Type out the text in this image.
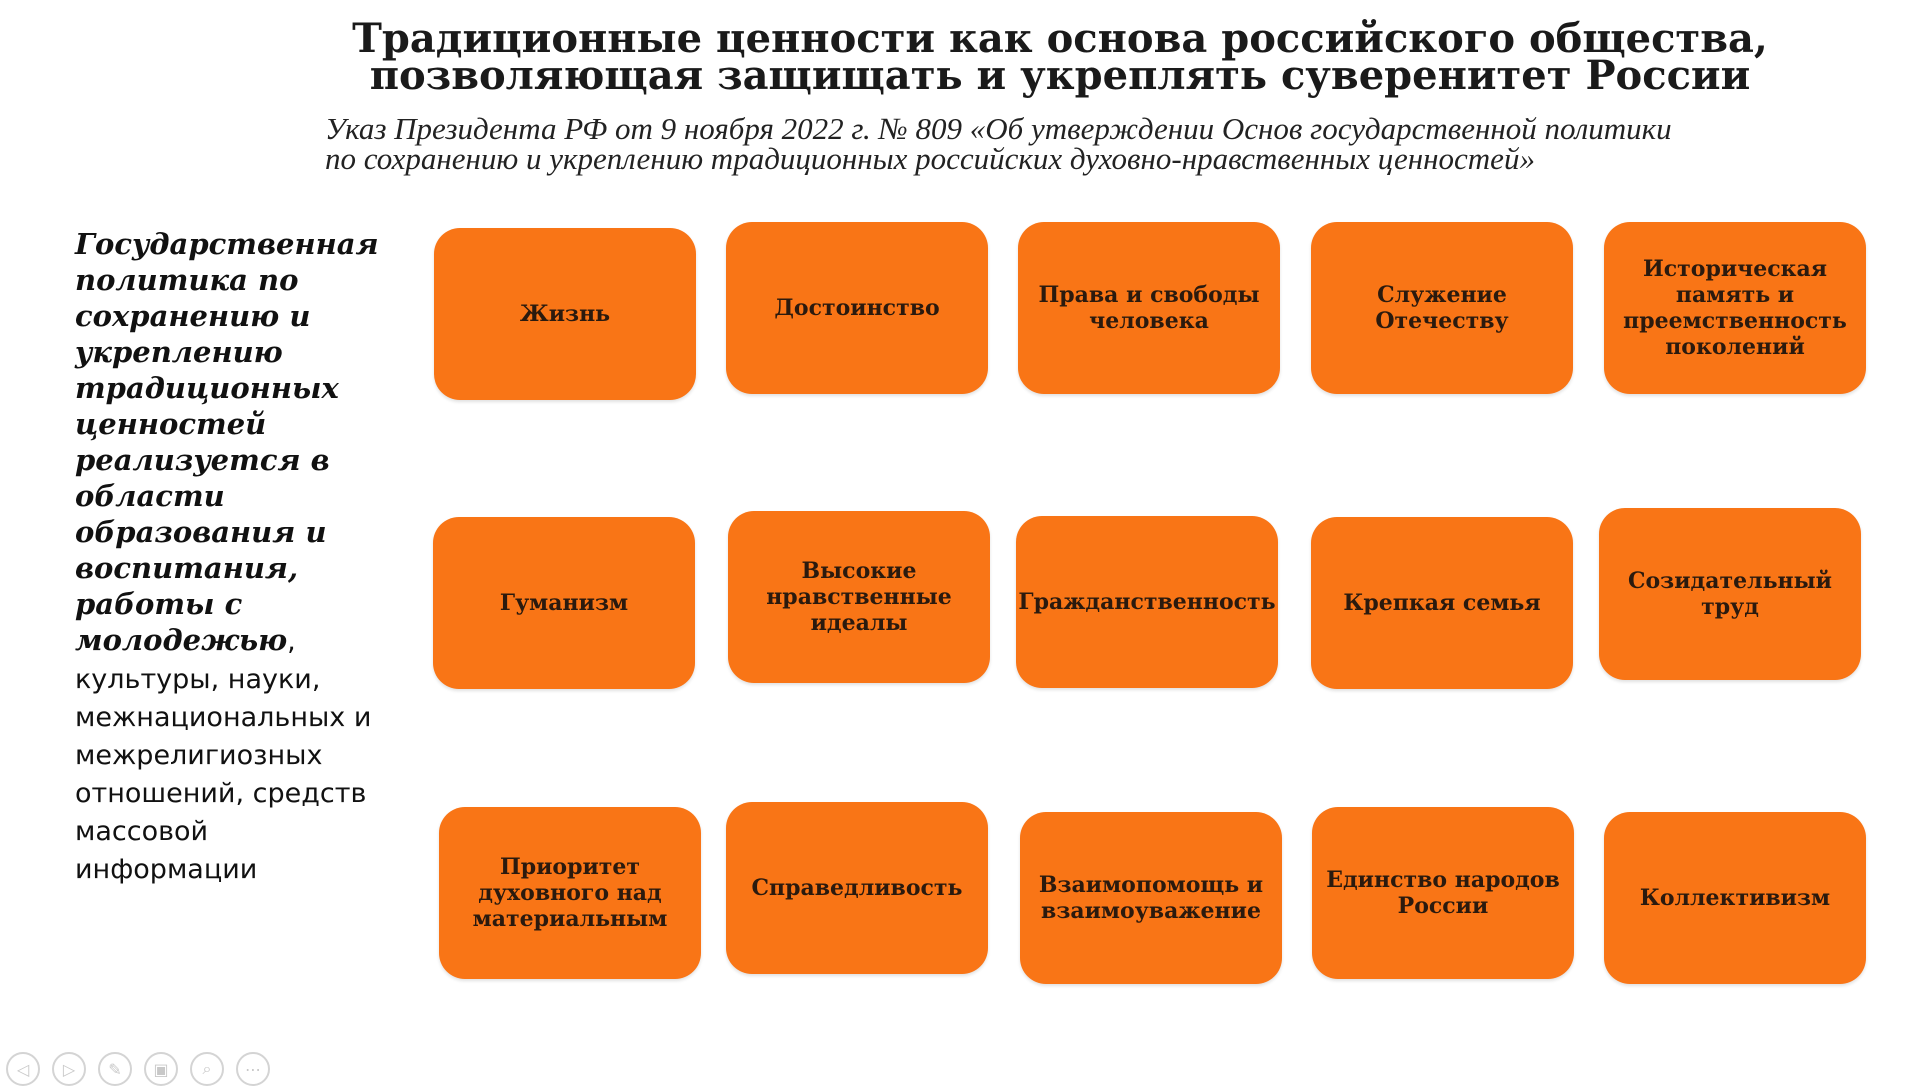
Традиционные ценности как основа российского общества,
позволяющая защищать и укреплять суверенитет России
Указ Президента РФ от 9 ноября 2022 г. № 809 «Об утверждении Основ государственной политики
по сохранению и укреплению традиционных российских духовно-нравственных ценностей»
Государственная политика по сохранению и укреплению традиционных ценностей реализуется в области образования и воспитания, работы с молодежью, культуры, науки, межнациональных и межрелигиозных отношений, средств массовой информации
Жизнь	Достоинство	Права и свободы человека
Служение Отечеству
Историческая память и преемственность поколений
Гуманизм
Высокие нравственные идеалы
Гражданственность	Крепкая семья
Созидательный труд
Приоритет духовного над материальным
Справедливость	Взаимопомощь и взаимоуважение
Единство народов России	Коллективизм
◁	▷	✎	▣	⌕	⋯
